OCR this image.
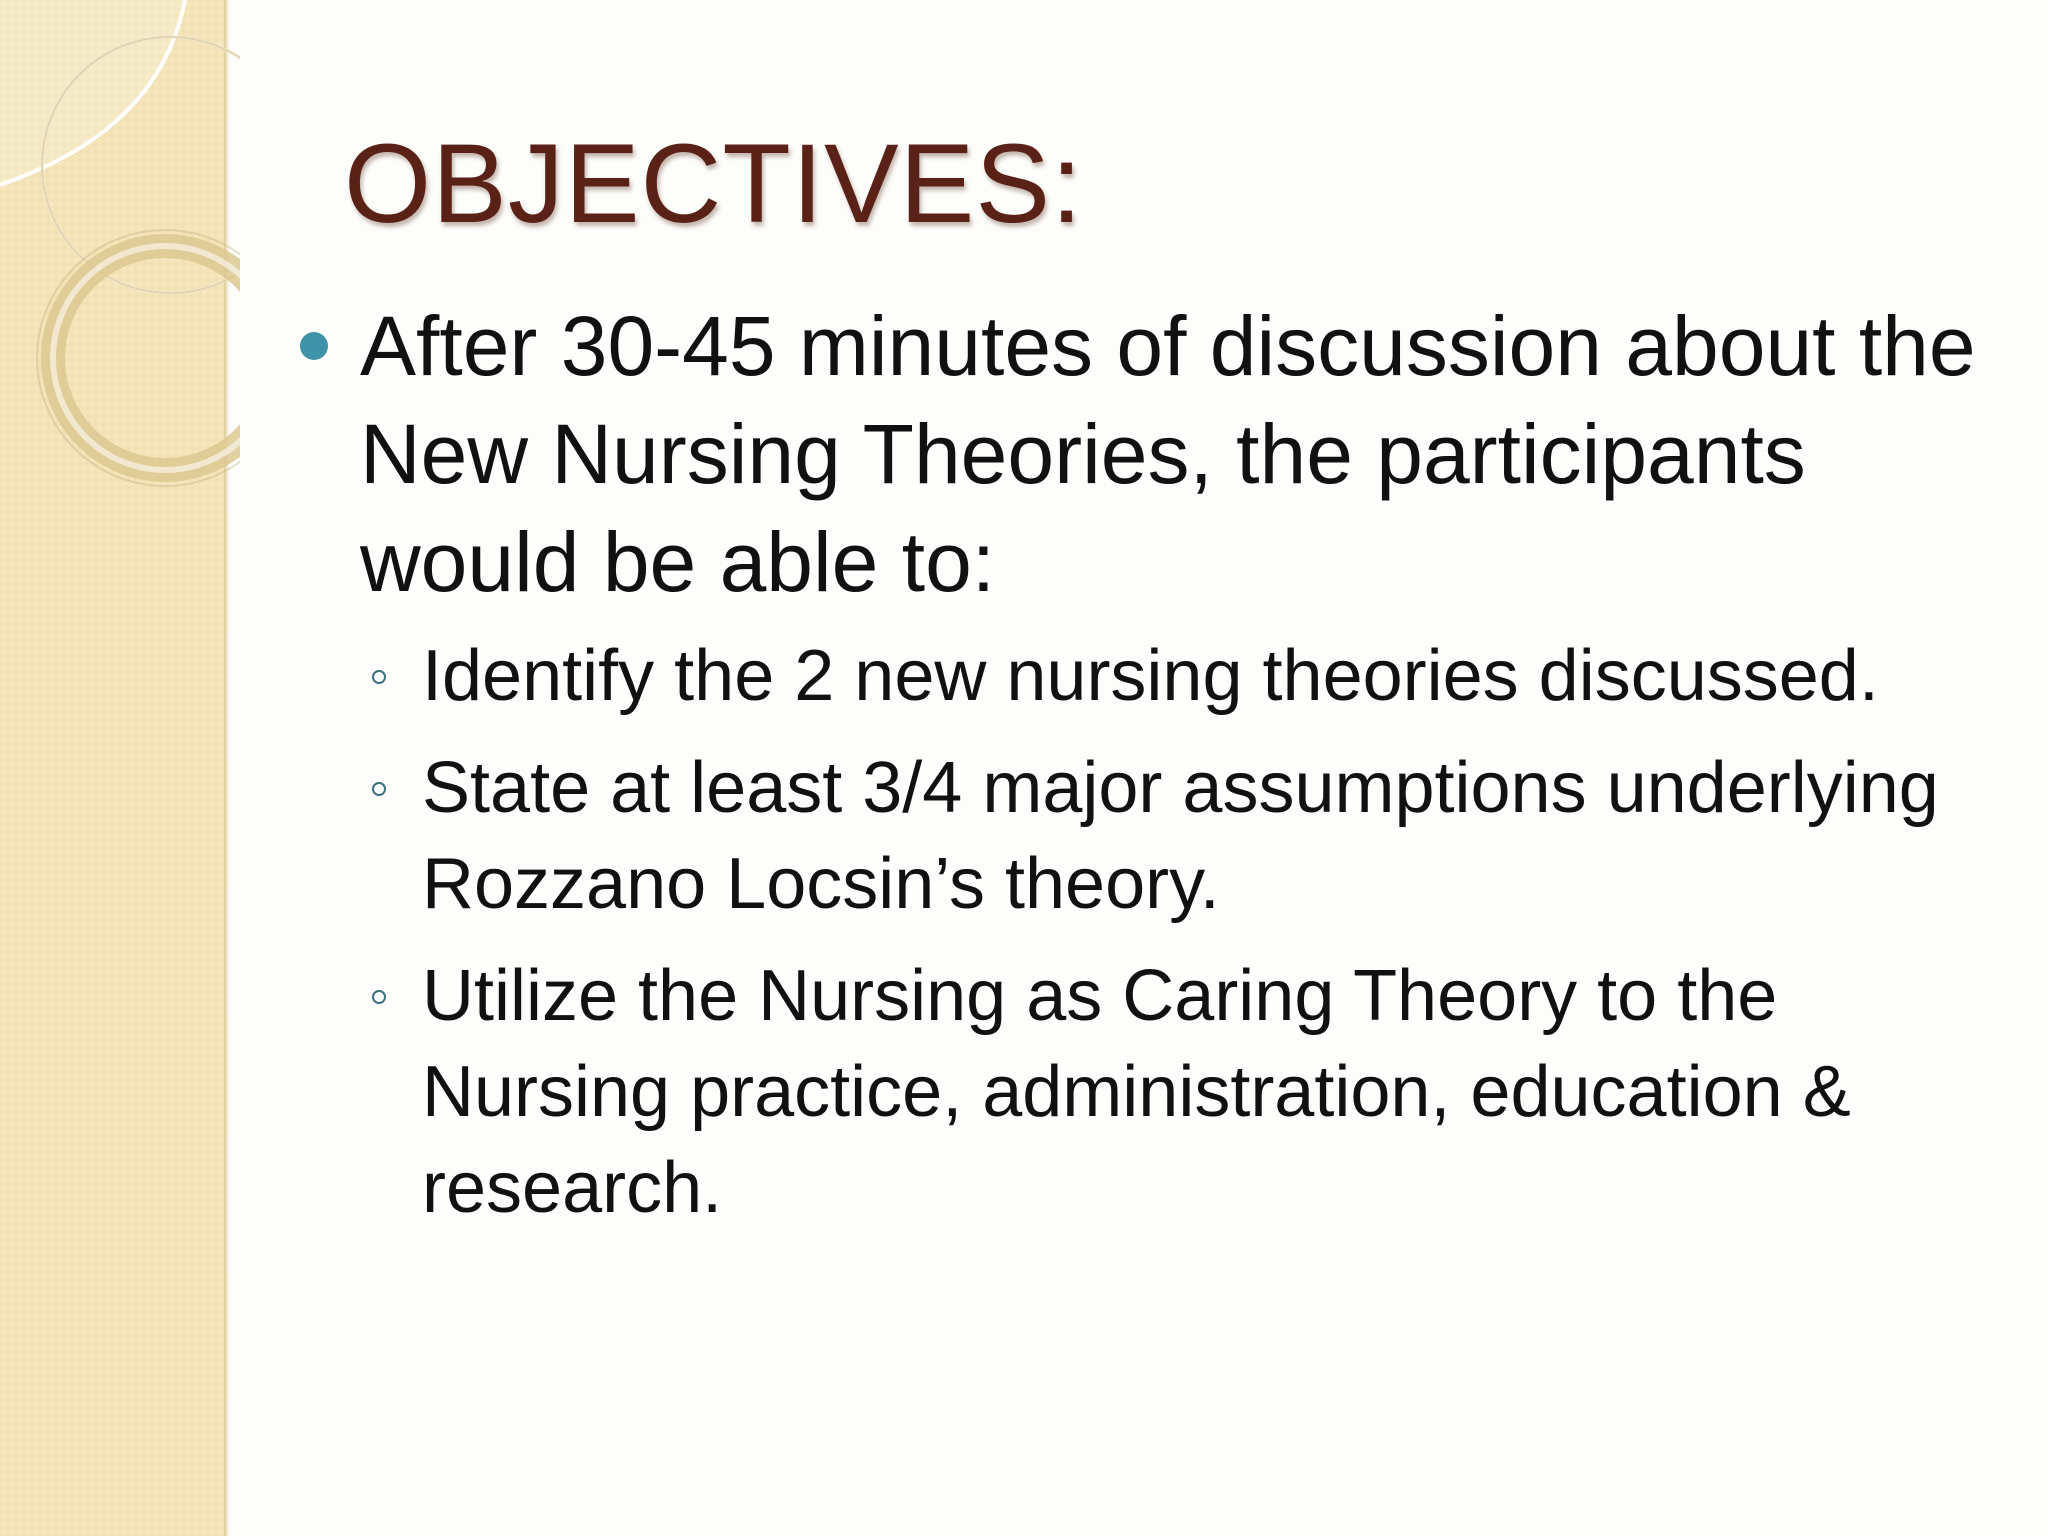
OBJECTIVES:

After 30-45 minutes of discussion about the New Nursing Theories, the participants would be able to:

Identify the 2 new nursing theories discussed.
State at least 3/4 major assumptions underlying Rozzano Locsin’s theory.
Utilize the Nursing as Caring Theory to the Nursing practice, administration, education & research.
